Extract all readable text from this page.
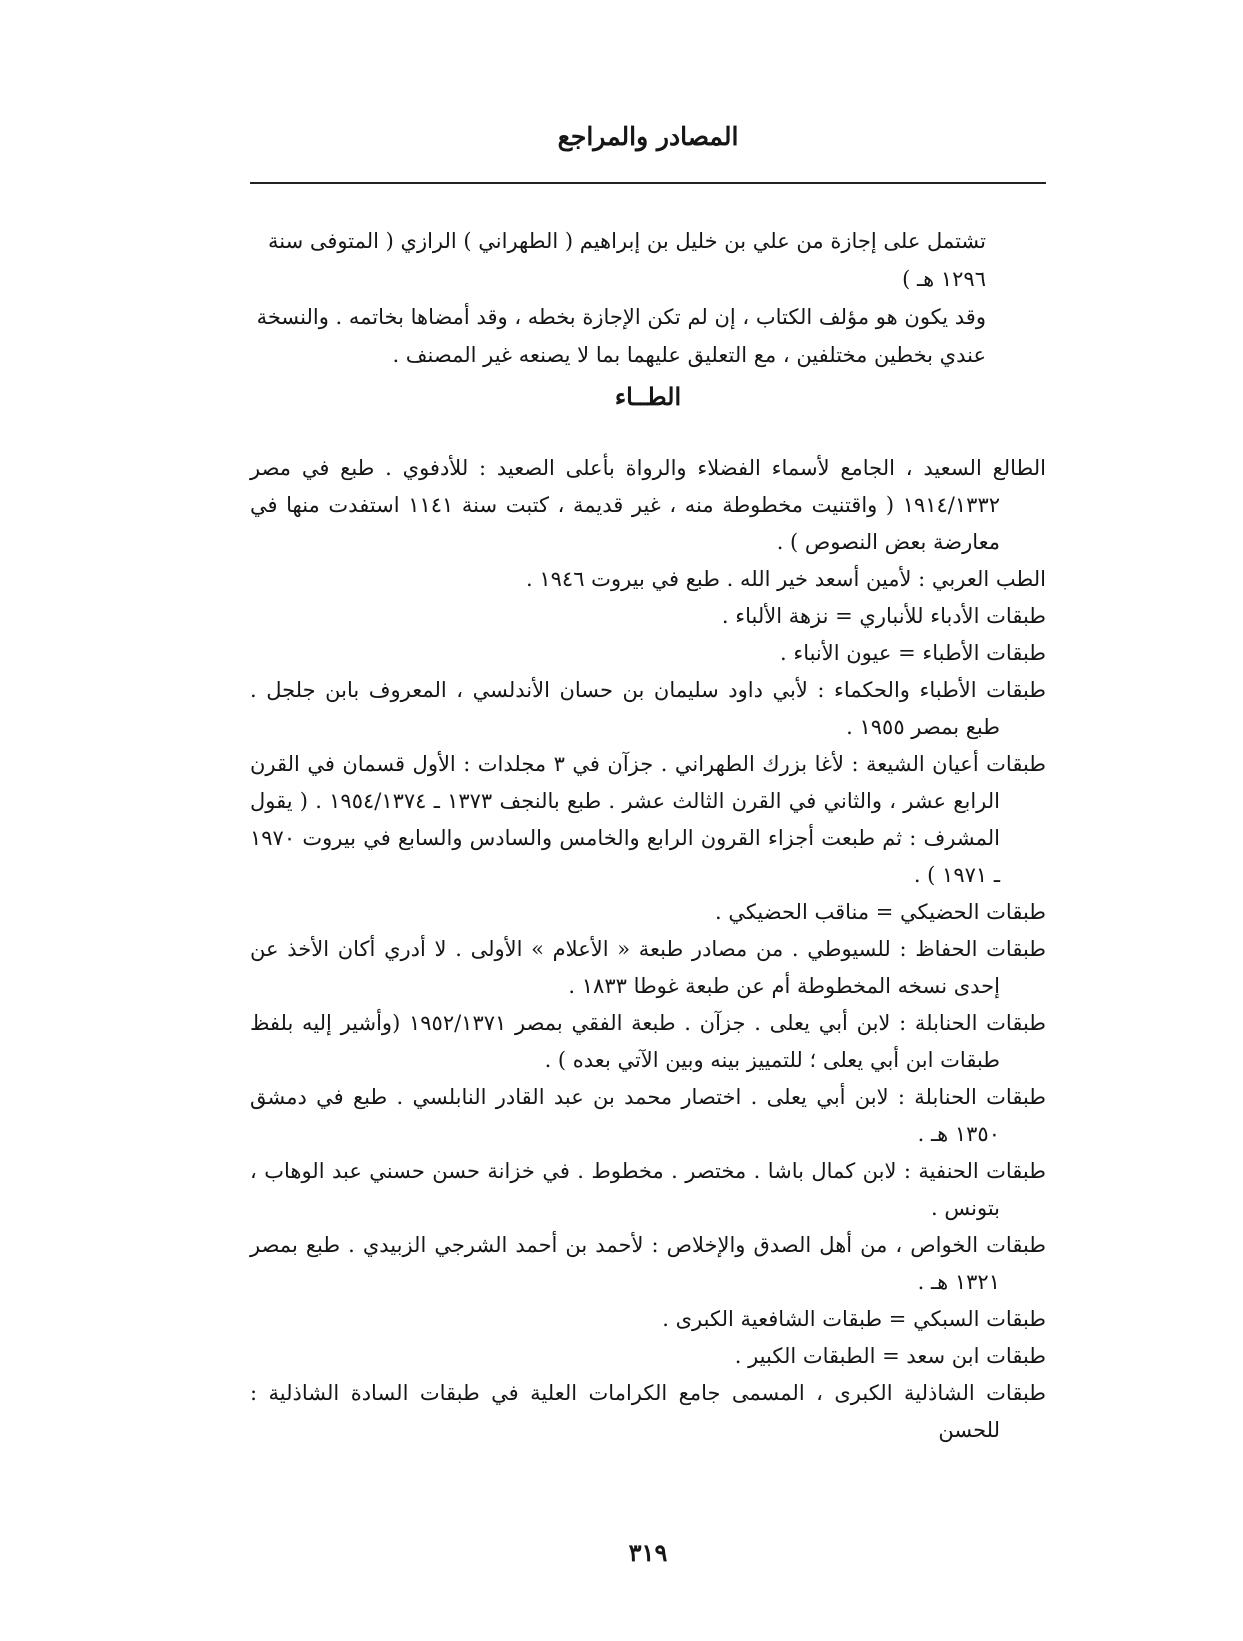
المصادر والمراجع

تشتمل على إجازة من علي بن خليل بن إبراهيم ( الطهراني ) الرازي ( المتوفى سنة ١٢٩٦ هـ )

وقد يكون هو مؤلف الكتاب ، إن لم تكن الإجازة بخطه ، وقد أمضاها بخاتمه . والنسخة

عندي بخطين مختلفين ، مع التعليق عليهما بما لا يصنعه غير المصنف .

الطــاء

الطالع السعيد ، الجامع لأسماء الفضلاء والرواة بأعلى الصعيد : للأدفوي . طبع في مصر ١٩١٤/١٣٣٢ ( واقتنيت مخطوطة منه ، غير قديمة ، كتبت سنة ١١٤١ استفدت منها في معارضة بعض النصوص ) .

الطب العربي : لأمين أسعد خير الله . طبع في بيروت ١٩٤٦ .

طبقات الأدباء للأنباري = نزهة الألباء .

طبقات الأطباء = عيون الأنباء .

طبقات الأطباء والحكماء : لأبي داود سليمان بن حسان الأندلسي ، المعروف بابن جلجل . طبع بمصر ١٩٥٥ .

طبقات أعيان الشيعة : لأغا بزرك الطهراني . جزآن في ٣ مجلدات : الأول قسمان في القرن الرابع عشر ، والثاني في القرن الثالث عشر . طبع بالنجف ١٣٧٣ ـ ١٩٥٤/١٣٧٤ . ( يقول المشرف : ثم طبعت أجزاء القرون الرابع والخامس والسادس والسابع في بيروت ١٩٧٠ ـ ١٩٧١ ) .

طبقات الحضيكي = مناقب الحضيكي .

طبقات الحفاظ : للسيوطي . من مصادر طبعة « الأعلام » الأولى . لا أدري أكان الأخذ عن إحدى نسخه المخطوطة أم عن طبعة غوطا ١٨٣٣ .

طبقات الحنابلة : لابن أبي يعلى . جزآن . طبعة الفقي بمصر ١٩٥٢/١٣٧١ (وأشير إليه بلفظ طبقات ابن أبي يعلى ؛ للتمييز بينه وبين الآتي بعده ) .

طبقات الحنابلة : لابن أبي يعلى . اختصار محمد بن عبد القادر النابلسي . طبع في دمشق ١٣٥٠ هـ .

طبقات الحنفية : لابن كمال باشا . مختصر . مخطوط . في خزانة حسن حسني عبد الوهاب ، بتونس .

طبقات الخواص ، من أهل الصدق والإخلاص : لأحمد بن أحمد الشرجي الزبيدي . طبع بمصر ١٣٢١ هـ .

طبقات السبكي = طبقات الشافعية الكبرى .

طبقات ابن سعد = الطبقات الكبير .

طبقات الشاذلية الكبرى ، المسمى جامع الكرامات العلية في طبقات السادة الشاذلية : للحسن

٣١٩
